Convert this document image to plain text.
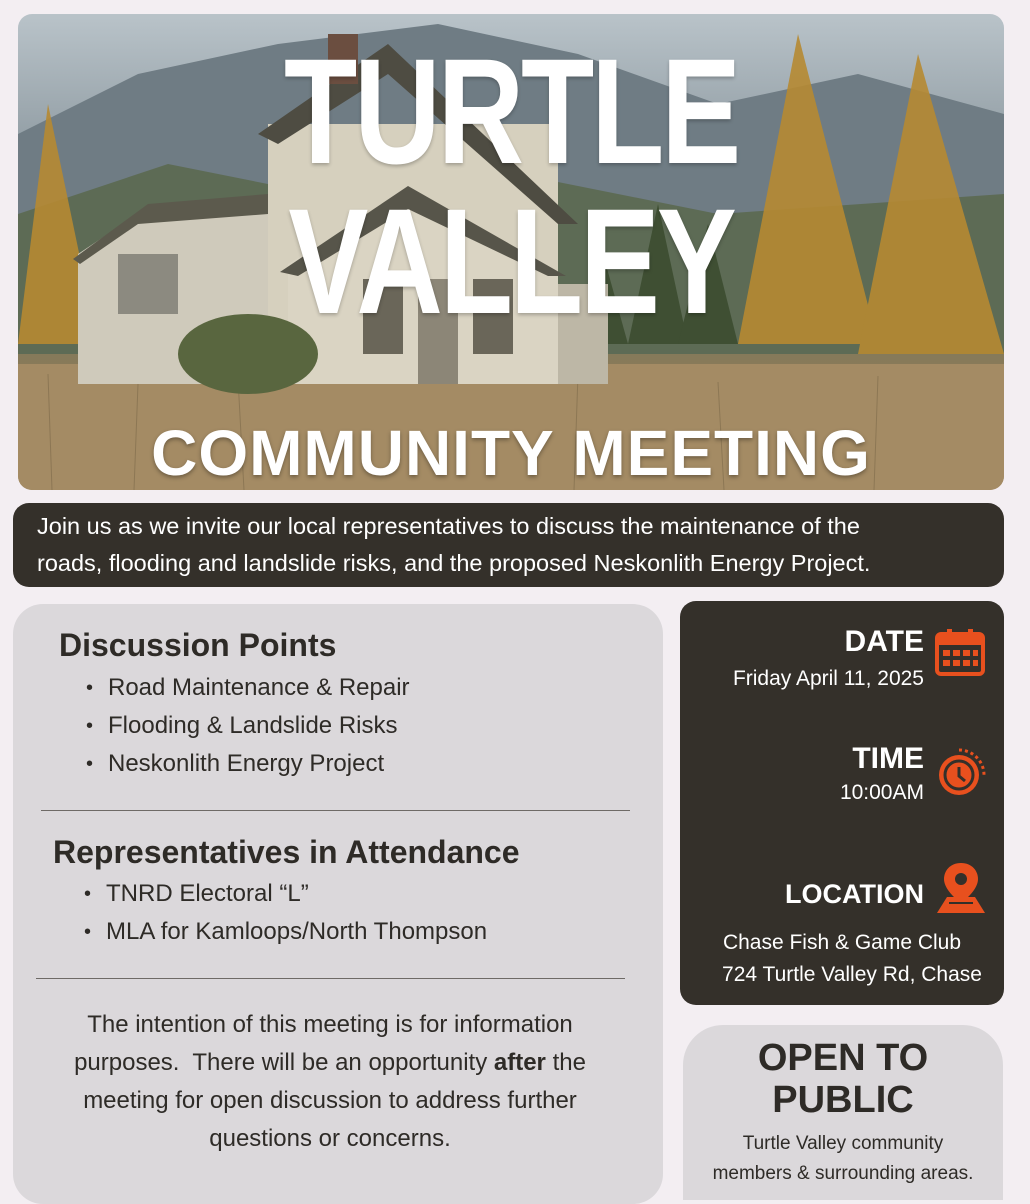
TURTLE VALLEY
COMMUNITY MEETING
Join us as we invite our local representatives to discuss the maintenance of the
roads, flooding and landslide risks, and the proposed Neskonlith Energy Project.
Discussion Points
• Road Maintenance & Repair
• Flooding & Landslide Risks
• Neskonlith Energy Project
Representatives in Attendance
• TNRD Electoral “L”
• MLA for Kamloops/North Thompson
The intention of this meeting is for information
purposes.  There will be an opportunity after the
meeting for open discussion to address further
questions or concerns.
DATE
Friday April 11, 2025
TIME
10:00AM
LOCATION
Chase Fish & Game Club
724 Turtle Valley Rd, Chase
OPEN TO
PUBLIC
Turtle Valley community
members & surrounding areas.
